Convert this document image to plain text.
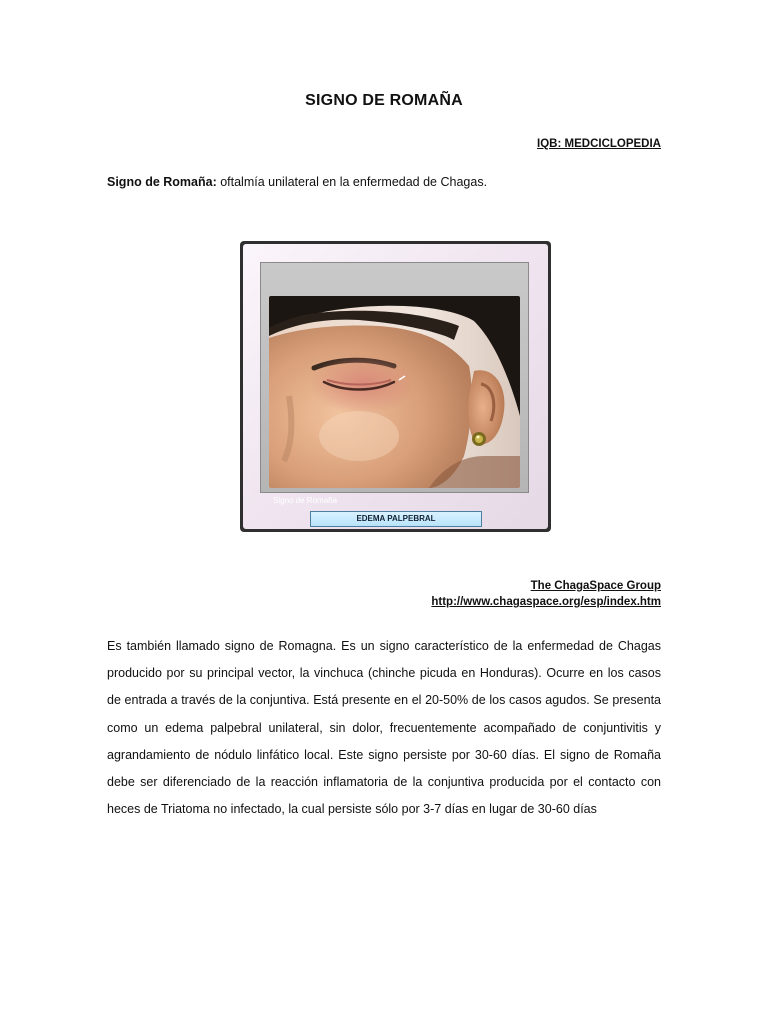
SIGNO DE ROMAÑA
IQB: MEDCICLOPEDIA
Signo de Romaña: oftalmía unilateral en la enfermedad de Chagas.
Signo de Romaña
EDEMA PALPEBRAL
The ChagaSpace Group
http://www.chagaspace.org/esp/index.htm

Es también llamado signo de Romagna. Es un signo característico de la enfermedad de Chagas producido por su principal vector, la vinchuca (chinche picuda en Honduras). Ocurre en los casos de entrada a través de la conjuntiva. Está presente en el 20-50% de los casos agudos. Se presenta como un edema palpebral unilateral, sin dolor, frecuentemente acompañado de conjuntivitis y agrandamiento de nódulo linfático local. Este signo persiste por 30-60 días. El signo de Romaña debe ser diferenciado de la reacción inflamatoria de la conjuntiva producida por el contacto con heces de Triatoma no infectado, la cual persiste sólo por 3-7 días en lugar de 30-60 días
